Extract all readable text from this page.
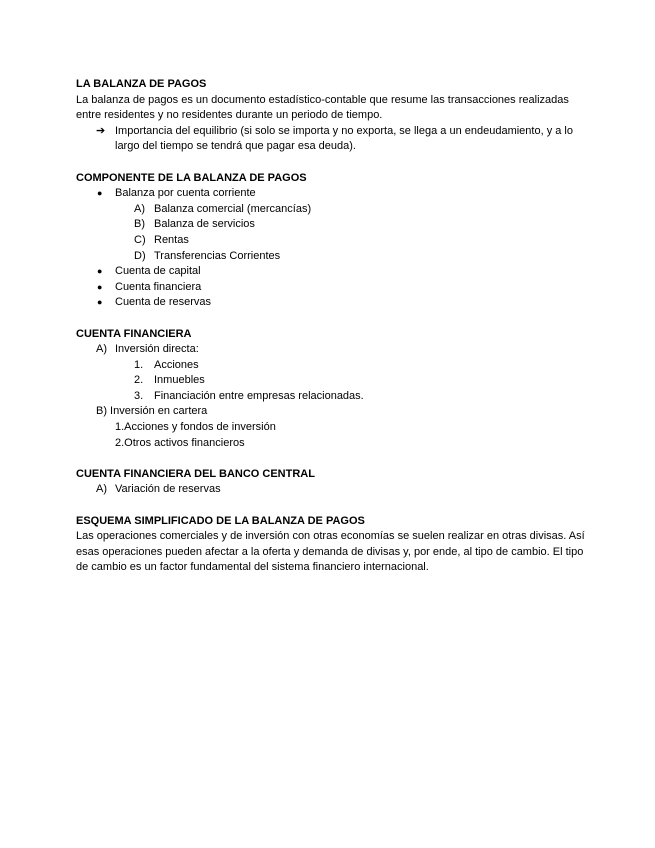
LA BALANZA DE PAGOS
La balanza de pagos es un documento estadístico-contable que resume las transacciones realizadas entre residentes y no residentes durante un periodo de tiempo.
➔ Importancia del equilibrio (si solo se importa y no exporta, se llega a un endeudamiento, y a lo largo del tiempo se tendrá que pagar esa deuda).
COMPONENTE DE LA BALANZA DE PAGOS
● Balanza por cuenta corriente
A) Balanza comercial (mercancías)
B) Balanza de servicios
C) Rentas
D) Transferencias Corrientes
● Cuenta de capital
● Cuenta financiera
● Cuenta de reservas
CUENTA FINANCIERA
A) Inversión directa:
1. Acciones
2. Inmuebles
3. Financiación entre empresas relacionadas.
B) Inversión en cartera
1.Acciones y fondos de inversión
2.Otros activos financieros
CUENTA FINANCIERA DEL BANCO CENTRAL
A) Variación de reservas
ESQUEMA SIMPLIFICADO DE LA BALANZA DE PAGOS
Las operaciones comerciales y de inversión con otras economías se suelen realizar en otras divisas. Así esas operaciones pueden afectar a la oferta y demanda de divisas y, por ende, al tipo de cambio. El tipo de cambio es un factor fundamental del sistema financiero internacional.
